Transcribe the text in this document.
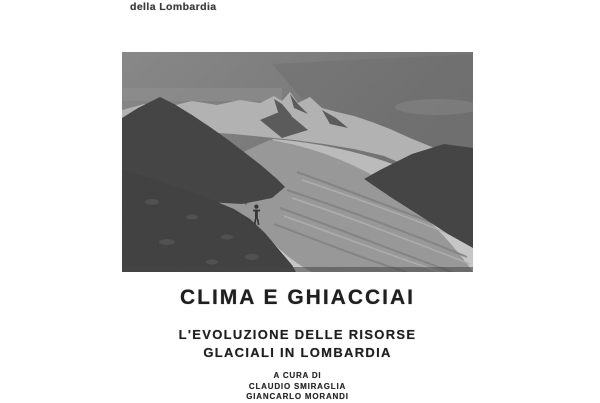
della Lombardia
CLIMA E GHIACCIAI
L'EVOLUZIONE DELLE RISORSE
GLACIALI IN LOMBARDIA
A CURA DI
CLAUDIO SMIRAGLIA
GIANCARLO MORANDI
